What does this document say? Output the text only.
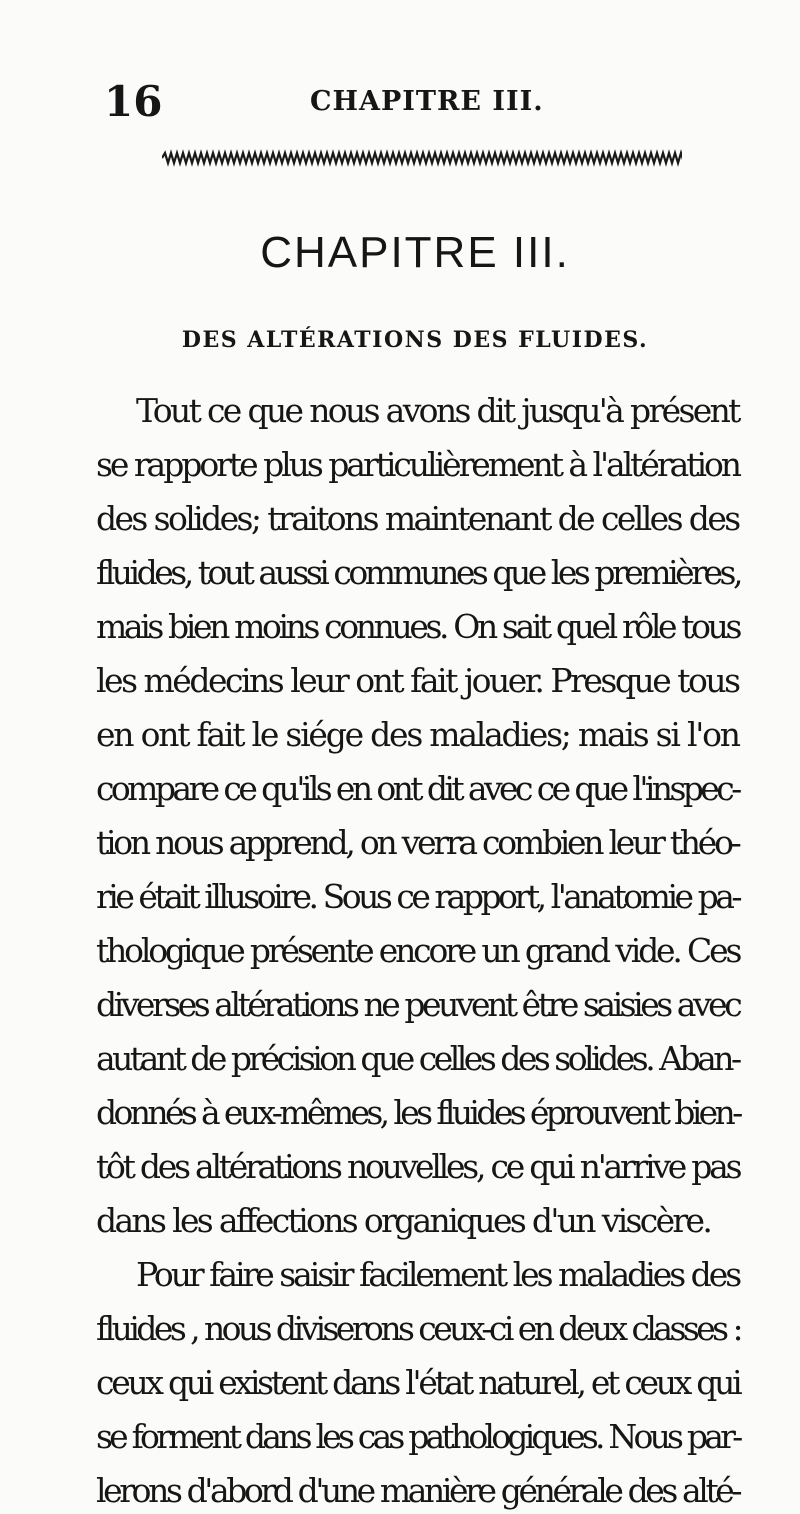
16	CHAPITRE III.
CHAPITRE III.
DES ALTÉRATIONS DES FLUIDES.
Tout ce que nous avons dit jusqu'à présent
se rapporte plus particulièrement à l'altération
des solides; traitons maintenant de celles des
fluides, tout aussi communes que les premières,
mais bien moins connues. On sait quel rôle tous
les médecins leur ont fait jouer. Presque tous
en ont fait le siége des maladies; mais si l'on
compare ce qu'ils en ont dit avec ce que l'inspec-
tion nous apprend, on verra combien leur théo-
rie était illusoire. Sous ce rapport, l'anatomie pa-
thologique présente encore un grand vide. Ces
diverses altérations ne peuvent être saisies avec
autant de précision que celles des solides. Aban-
donnés à eux-mêmes, les fluides éprouvent bien-
tôt des altérations nouvelles, ce qui n'arrive pas
dans les affections organiques d'un viscère.
Pour faire saisir facilement les maladies des
fluides , nous diviserons ceux-ci en deux classes :
ceux qui existent dans l'état naturel, et ceux qui
se forment dans les cas pathologiques. Nous par-
lerons d'abord d'une manière générale des alté-
